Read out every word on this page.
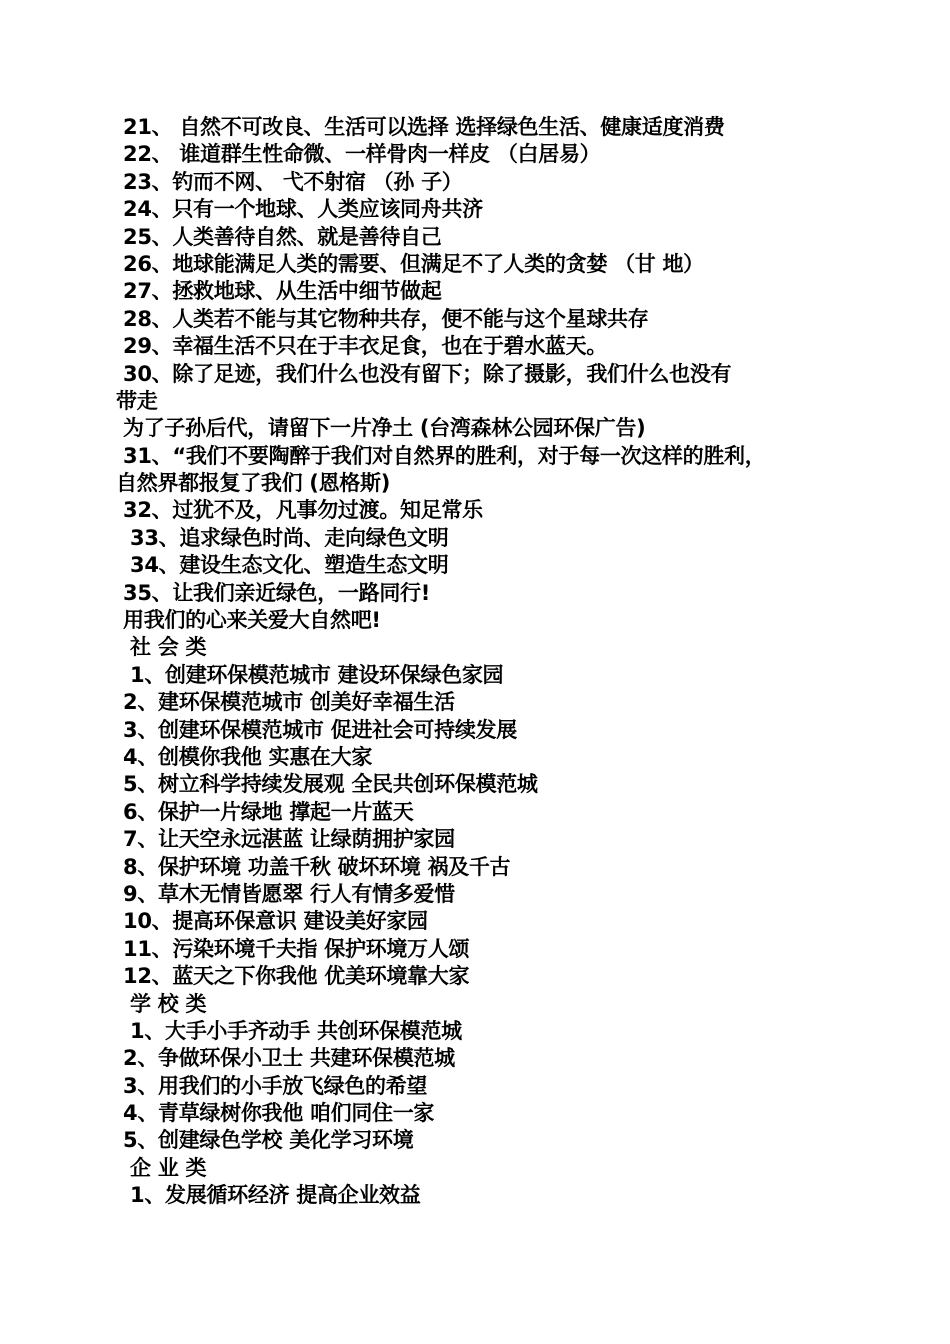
21、 自然不可改良、生活可以选择 选择绿色生活、健康适度消费
22、 谁道群生性命微、一样骨肉一样皮 （白居易）
23、钓而不网、 弋不射宿 （孙 子）
24、只有一个地球、人类应该同舟共济
25、人类善待自然、就是善待自己
26、地球能满足人类的需要、但满足不了人类的贪婪 （甘 地）
27、拯救地球、从生活中细节做起
28、人类若不能与其它物种共存，便不能与这个星球共存
29、幸福生活不只在于丰衣足食，也在于碧水蓝天。
30、除了足迹，我们什么也没有留下；除了摄影，我们什么也没有
带走
为了子孙后代，请留下一片净土 (台湾森林公园环保广告)
31、“我们不要陶醉于我们对自然界的胜利，对于每一次这样的胜利，
自然界都报复了我们 (恩格斯)
32、过犹不及，凡事勿过渡。知足常乐
33、追求绿色时尚、走向绿色文明
34、建设生态文化、塑造生态文明
35、让我们亲近绿色，一路同行!
用我们的心来关爱大自然吧!
社 会 类
1、创建环保模范城市 建设环保绿色家园
2、建环保模范城市 创美好幸福生活
3、创建环保模范城市 促进社会可持续发展
4、创模你我他 实惠在大家
5、树立科学持续发展观 全民共创环保模范城
6、保护一片绿地 撑起一片蓝天
7、让天空永远湛蓝 让绿荫拥护家园
8、保护环境 功盖千秋 破坏环境 祸及千古
9、草木无情皆愿翠 行人有情多爱惜
10、提高环保意识 建设美好家园
11、污染环境千夫指 保护环境万人颂
12、蓝天之下你我他 优美环境靠大家
学 校 类
1、大手小手齐动手 共创环保模范城
2、争做环保小卫士 共建环保模范城
3、用我们的小手放飞绿色的希望
4、青草绿树你我他 咱们同住一家
5、创建绿色学校 美化学习环境
企 业 类
1、发展循环经济 提高企业效益
